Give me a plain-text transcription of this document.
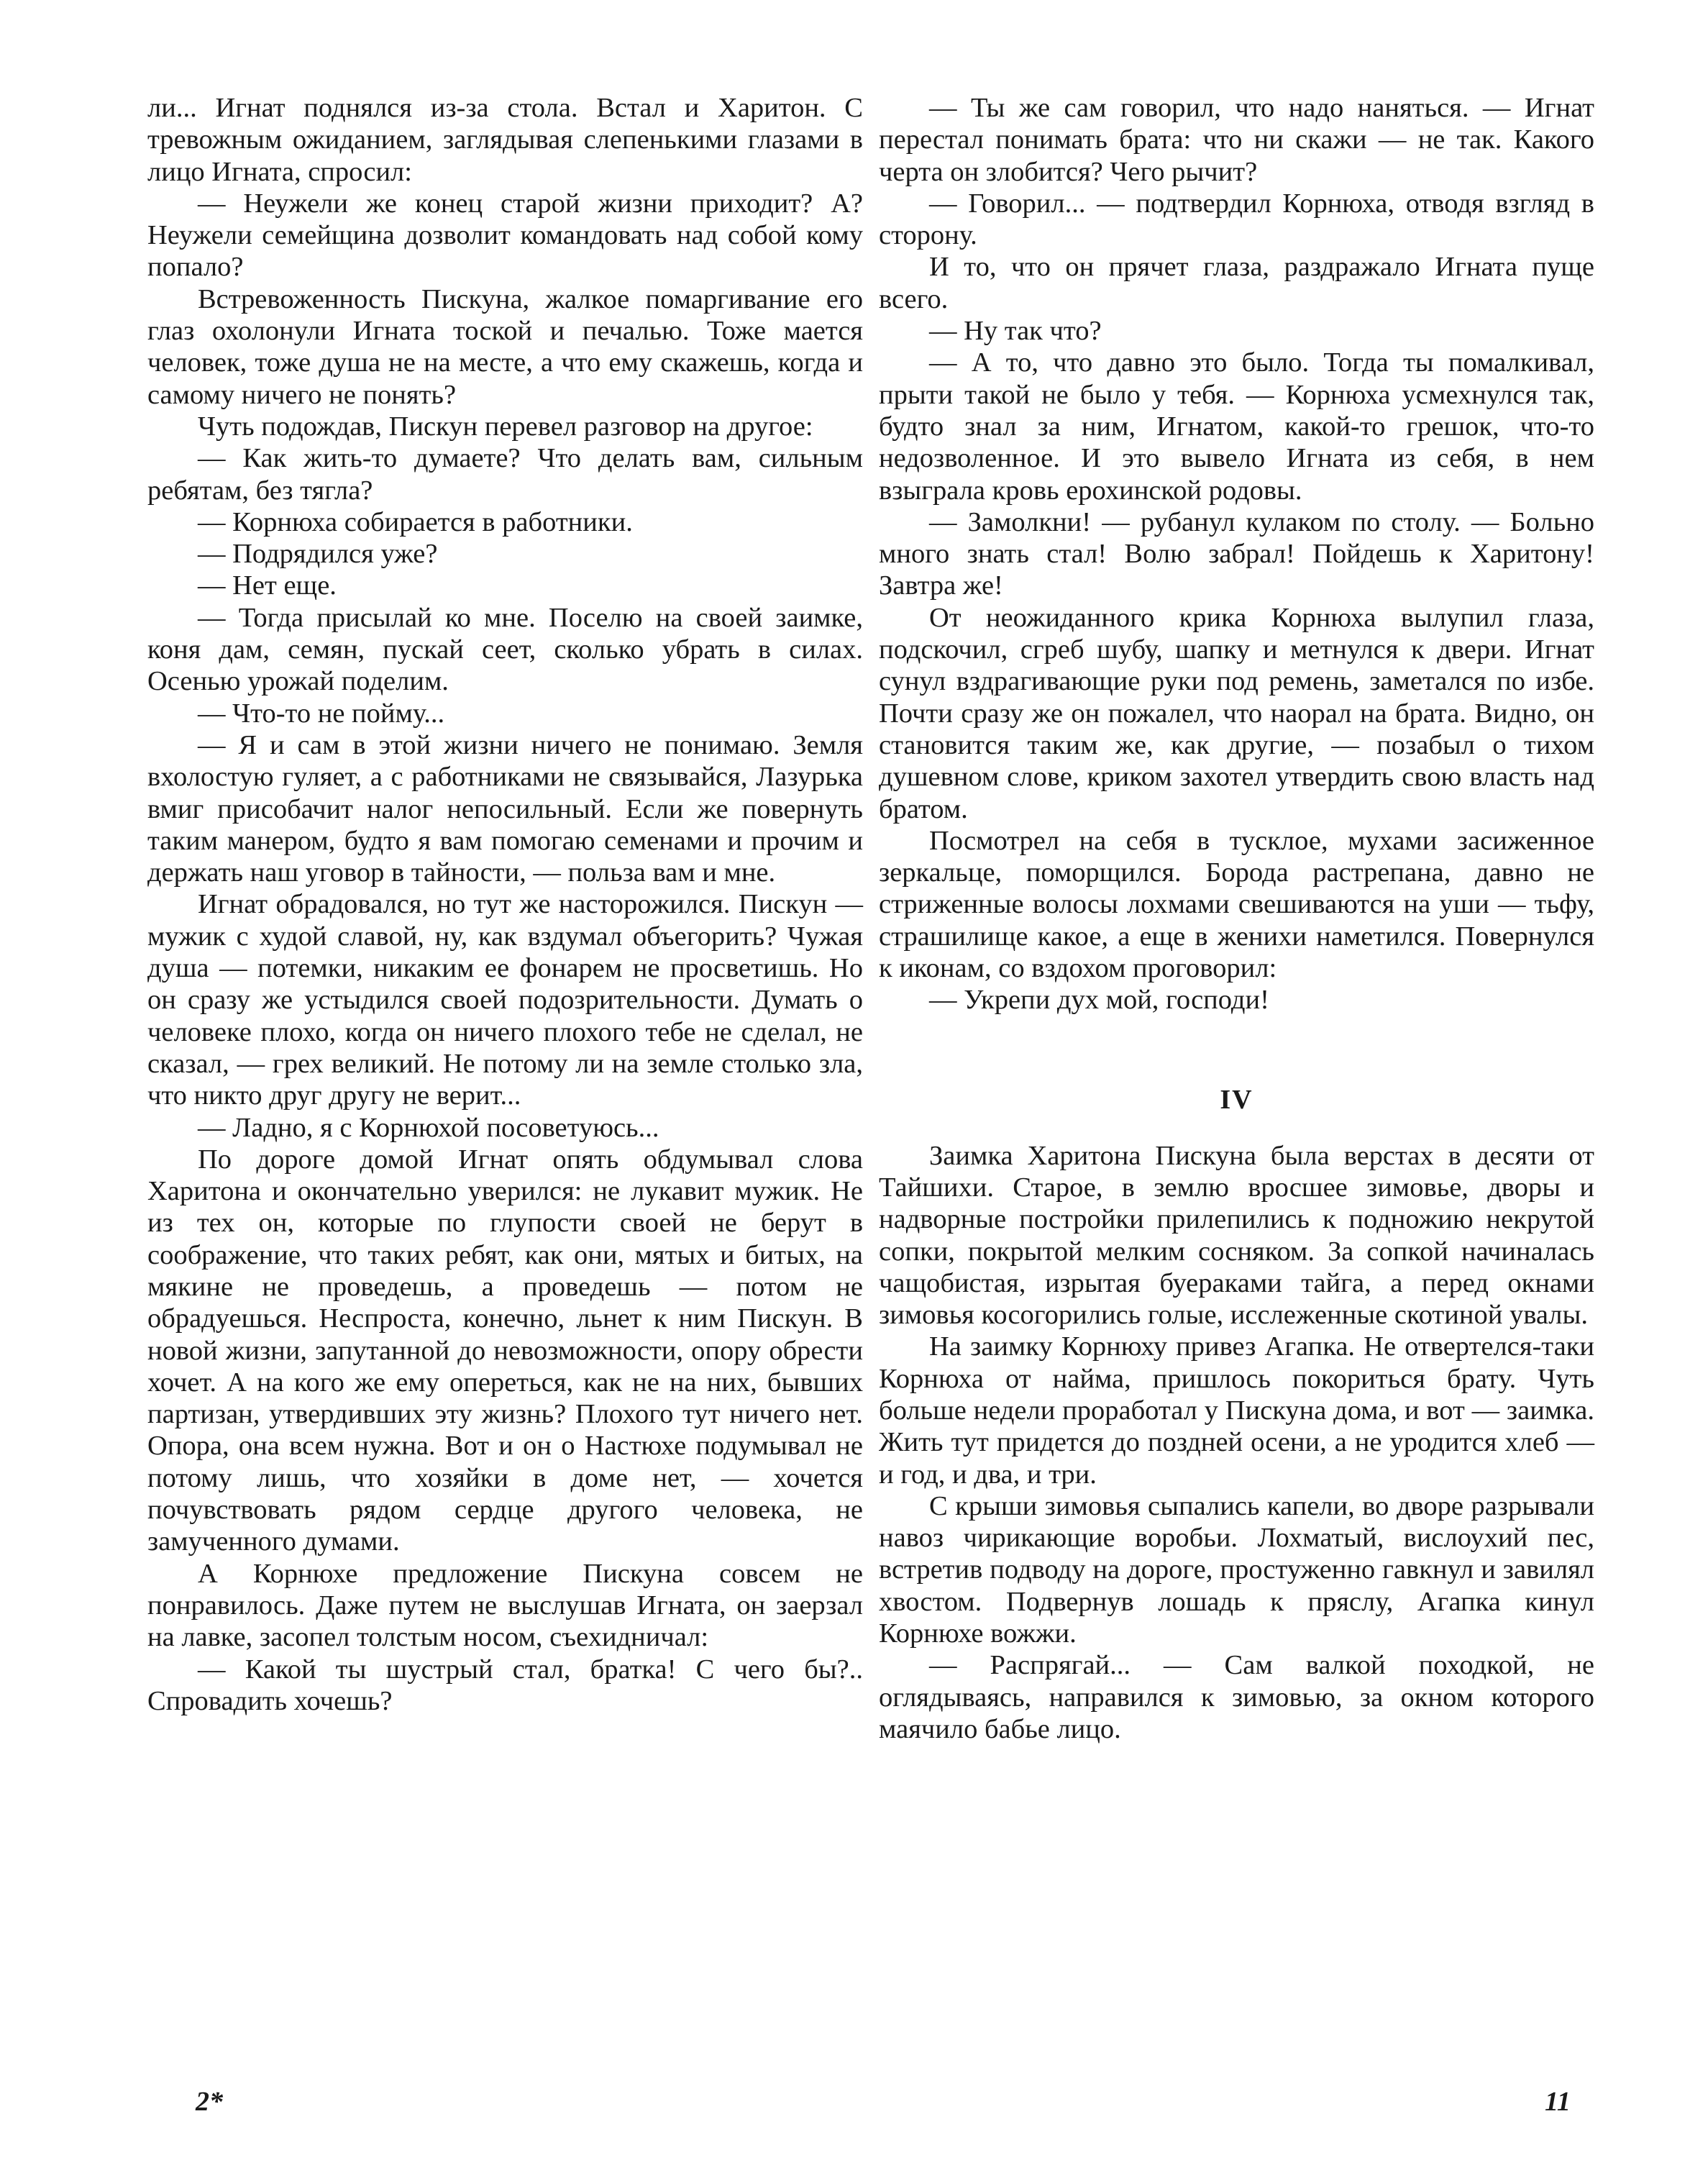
ли... Игнат поднялся из-за стола. Встал и Харитон. С тревожным ожиданием, заглядывая слепенькими глазами в лицо Игната, спросил:

— Неужели же конец старой жизни приходит? А? Неужели семейщина дозволит командовать над собой кому попало?

Встревоженность Пискуна, жалкое помаргивание его глаз охолонули Игната тоской и печалью. Тоже мается человек, тоже душа не на месте, а что ему скажешь, когда и самому ничего не понять?

Чуть подождав, Пискун перевел разговор на другое:

— Как жить-то думаете? Что делать вам, сильным ребятам, без тягла?

— Корнюха собирается в работники.

— Подрядился уже?

— Нет еще.

— Тогда присылай ко мне. Поселю на своей заимке, коня дам, семян, пускай сеет, сколько убрать в силах. Осенью урожай поделим.

— Что-то не пойму...

— Я и сам в этой жизни ничего не понимаю. Земля вхолостую гуляет, а с работниками не связывайся, Лазурька вмиг присобачит налог непосильный. Если же повернуть таким манером, будто я вам помогаю семенами и прочим и держать наш уговор в тайности, — польза вам и мне.

Игнат обрадовался, но тут же насторожился. Пискун — мужик с худой славой, ну, как вздумал объегорить? Чужая душа — потемки, никаким ее фонарем не просветишь. Но он сразу же устыдился своей подозрительности. Думать о человеке плохо, когда он ничего плохого тебе не сделал, не сказал, — грех великий. Не потому ли на земле столько зла, что никто друг другу не верит...

— Ладно, я с Корнюхой посоветуюсь...

По дороге домой Игнат опять обдумывал слова Харитона и окончательно уверился: не лукавит мужик. Не из тех он, которые по глупости своей не берут в соображение, что таких ребят, как они, мятых и битых, на мякине не проведешь, а проведешь — потом не обрадуешься. Неспроста, конечно, льнет к ним Пискун. В новой жизни, запутанной до невозможности, опору обрести хочет. А на кого же ему опереться, как не на них, бывших партизан, утвердивших эту жизнь? Плохого тут ничего нет. Опора, она всем нужна. Вот и он о Настюхе подумывал не потому лишь, что хозяйки в доме нет, — хочется почувствовать рядом сердце другого человека, не замученного думами.

А Корнюхе предложение Пискуна совсем не понравилось. Даже путем не выслушав Игната, он заерзал на лавке, засопел толстым носом, съехидничал:

— Какой ты шустрый стал, братка! С чего бы?.. Спровадить хочешь?

— Ты же сам говорил, что надо наняться. — Игнат перестал понимать брата: что ни скажи — не так. Какого черта он злобится? Чего рычит?

— Говорил... — подтвердил Корнюха, отводя взгляд в сторону.

И то, что он прячет глаза, раздражало Игната пуще всего.

— Ну так что?

— А то, что давно это было. Тогда ты помалкивал, прыти такой не было у тебя. — Корнюха усмехнулся так, будто знал за ним, Игнатом, какой-то грешок, что-то недозволенное. И это вывело Игната из себя, в нем взыграла кровь ерохинской родовы.

— Замолкни! — рубанул кулаком по столу. — Больно много знать стал! Волю забрал! Пойдешь к Харитону! Завтра же!

От неожиданного крика Корнюха вылупил глаза, подскочил, сгреб шубу, шапку и метнулся к двери. Игнат сунул вздрагивающие руки под ремень, заметался по избе. Почти сразу же он пожалел, что наорал на брата. Видно, он становится таким же, как другие, — позабыл о тихом душевном слове, криком захотел утвердить свою власть над братом.

Посмотрел на себя в тусклое, мухами засиженное зеркальце, поморщился. Борода растрепана, давно не стриженные волосы лохмами свешиваются на уши — тьфу, страшилище какое, а еще в женихи наметился. Повернулся к иконам, со вздохом проговорил:

— Укрепи дух мой, господи!

IV

Заимка Харитона Пискуна была верстах в десяти от Тайшихи. Старое, в землю вросшее зимовье, дворы и надворные постройки прилепились к подножию некрутой сопки, покрытой мелким сосняком. За сопкой начиналась чащобистая, изрытая буераками тайга, а перед окнами зимовья косогорились голые, исслеженные скотиной увалы.

На заимку Корнюху привез Агапка. Не отвертелся-таки Корнюха от найма, пришлось покориться брату. Чуть больше недели проработал у Пискуна дома, и вот — заимка. Жить тут придется до поздней осени, а не уродится хлеб — и год, и два, и три.

С крыши зимовья сыпались капели, во дворе разрывали навоз чирикающие воробьи. Лохматый, вислоухий пес, встретив подводу на дороге, простуженно гавкнул и завилял хвостом. Подвернув лошадь к пряслу, Агапка кинул Корнюхе вожжи.

— Распрягай... — Сам валкой походкой, не оглядываясь, направился к зимовью, за окном которого маячило бабье лицо.

2*	11
